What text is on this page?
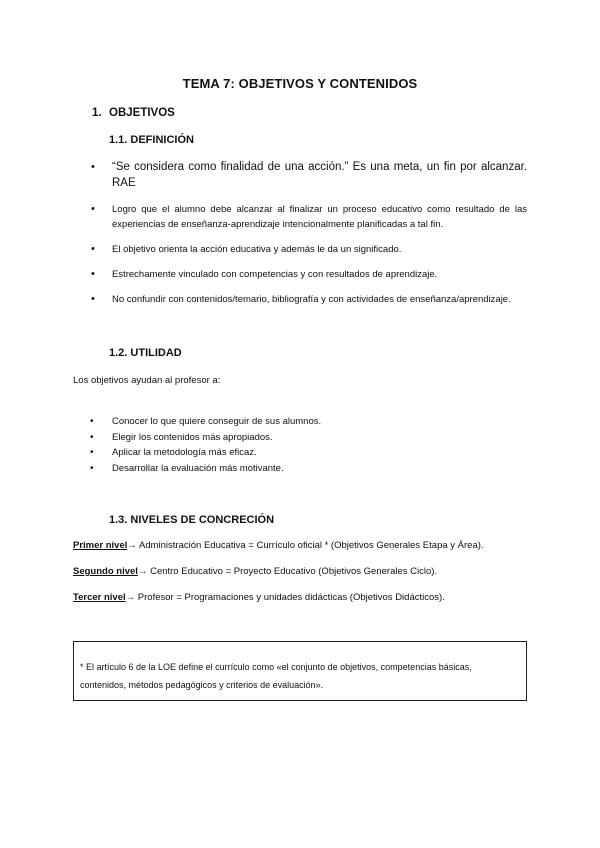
TEMA 7: OBJETIVOS Y CONTENIDOS
1. OBJETIVOS
1.1. DEFINICIÓN
• “Se considera como finalidad de una acción.” Es una meta, un fin por alcanzar. RAE
• Logro que el alumno debe alcanzar al finalizar un proceso educativo como resultado de las experiencias de enseñanza-aprendizaje intencionalmente planificadas a tal fin.
• El objetivo orienta la acción educativa y además le da un significado.
• Estrechamente vinculado con competencias y con resultados de aprendizaje.
• No confundir con contenidos/temario, bibliografía y con actividades de enseñanza/aprendizaje.
1.2. UTILIDAD
Los objetivos ayudan al profesor a:
• Conocer lo que quiere conseguir de sus alumnos.
• Elegir los contenidos más apropiados.
• Aplicar la metodología más eficaz.
• Desarrollar la evaluación más motivante.
1.3. NIVELES DE CONCRECIÓN
Primer nivel→ Administración Educativa = Currículo oficial * (Objetivos Generales Etapa y Área).
Segundo nivel→ Centro Educativo = Proyecto Educativo (Objetivos Generales Ciclo).
Tercer nivel→ Profesor = Programaciones y unidades didácticas (Objetivos Didácticos).
* El artículo 6 de la LOE define el currículo como «el conjunto de objetivos, competencias básicas, contenidos, métodos pedagógicos y criterios de evaluación».
